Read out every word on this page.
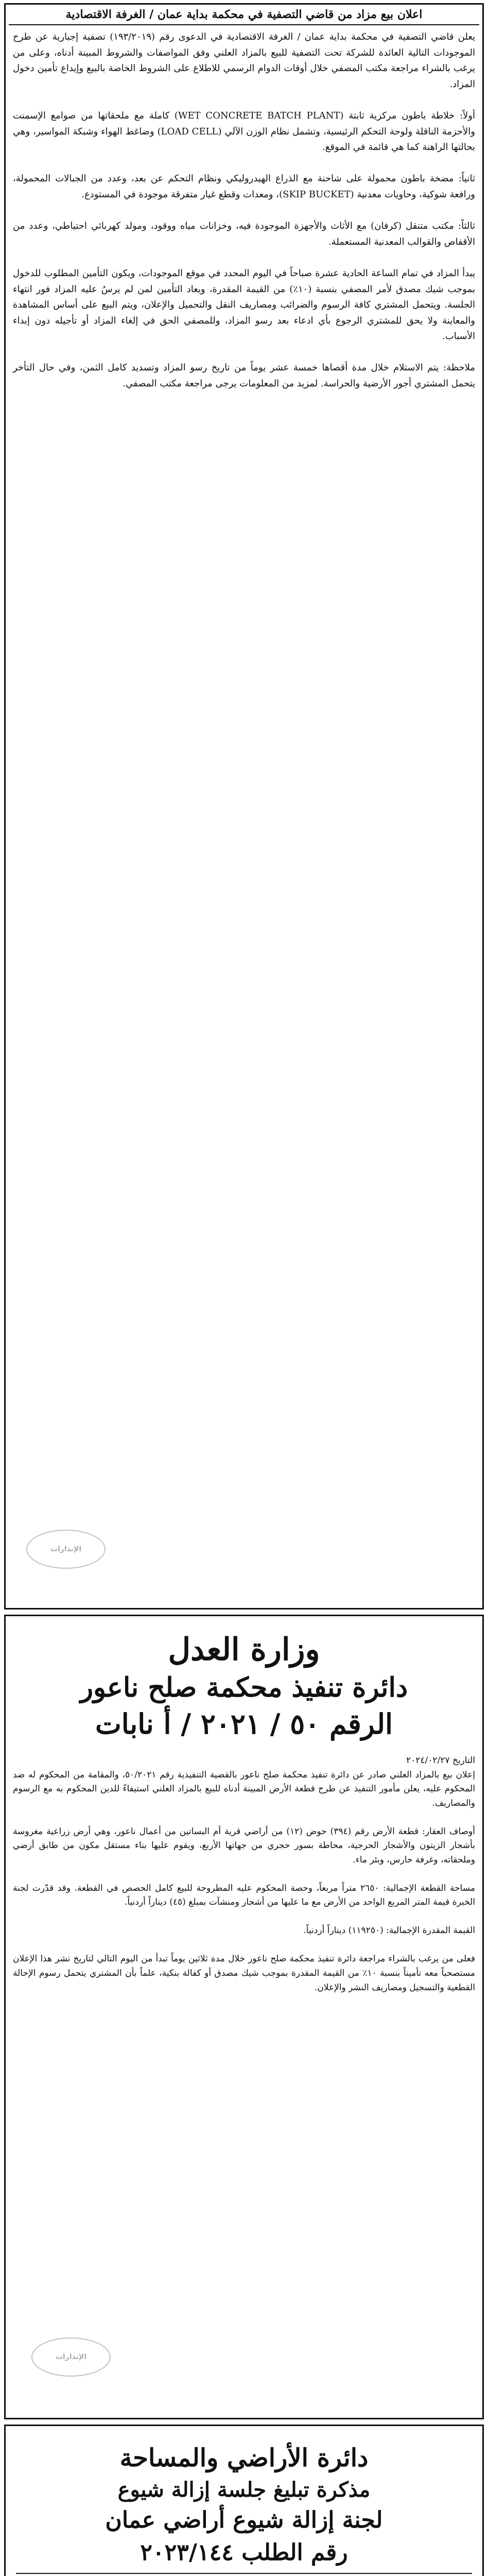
اعلان بيع مزاد من قاضي التصفية في محكمة بداية عمان / الغرفة الاقتصادية
يعلن قاضي التصفية في محكمة بداية عمان / الغرفة الاقتصادية في الدعوى رقم (١٩٣/٢٠١٩) تصفية إجبارية عن طرح الموجودات التالية العائدة للشركة تحت التصفية للبيع بالمزاد العلني وفق المواصفات والشروط المبينة أدناه، وعلى من يرغب بالشراء مراجعة مكتب المصفي خلال أوقات الدوام الرسمي للاطلاع على الشروط الخاصة بالبيع وإيداع تأمين دخول المزاد.

أولاً: خلاطة باطون مركزية ثابتة (WET CONCRETE BATCH PLANT) كاملة مع ملحقاتها من صوامع الإسمنت والأحزمة الناقلة ولوحة التحكم الرئيسية، وتشمل نظام الوزن الآلي (LOAD CELL) وضاغط الهواء وشبكة المواسير، وهي بحالتها الراهنة كما هي قائمة في الموقع.

ثانياً: مضخة باطون محمولة على شاحنة مع الذراع الهيدروليكي ونظام التحكم عن بعد، وعدد من الجبالات المحمولة، ورافعة شوكية، وحاويات معدنية (SKIP BUCKET)، ومعدات وقطع غيار متفرقة موجودة في المستودع.

ثالثاً: مكتب متنقل (كرفان) مع الأثاث والأجهزة الموجودة فيه، وخزانات مياه ووقود، ومولد كهربائي احتياطي، وعدد من الأقفاص والقوالب المعدنية المستعملة.

يبدأ المزاد في تمام الساعة الحادية عشرة صباحاً في اليوم المحدد في موقع الموجودات، ويكون التأمين المطلوب للدخول بموجب شيك مصدق لأمر المصفي بنسبة (١٠٪) من القيمة المقدرة، ويعاد التأمين لمن لم يرسُ عليه المزاد فور انتهاء الجلسة. ويتحمل المشتري كافة الرسوم والضرائب ومصاريف النقل والتحميل والإعلان، ويتم البيع على أساس المشاهدة والمعاينة ولا يحق للمشتري الرجوع بأي ادعاء بعد رسو المزاد، وللمصفي الحق في إلغاء المزاد أو تأجيله دون إبداء الأسباب.

ملاحظة: يتم الاستلام خلال مدة أقصاها خمسة عشر يوماً من تاريخ رسو المزاد وتسديد كامل الثمن، وفي حال التأخر يتحمل المشتري أجور الأرضية والحراسة. لمزيد من المعلومات يرجى مراجعة مكتب المصفي.
الإنذارات
وزارة العدل
دائرة تنفيذ محكمة صلح ناعور
الرقم ٥٠ / ٢٠٢١ / أ نابات
التاريخ ٢٠٢٤/٠٢/٢٧
إعلان بيع بالمزاد العلني صادر عن دائرة تنفيذ محكمة صلح ناعور بالقضية التنفيذية رقم ٥٠/٢٠٢١، والمقامة من المحكوم له ضد المحكوم عليه، يعلن مأمور التنفيذ عن طرح قطعة الأرض المبينة أدناه للبيع بالمزاد العلني استيفاءً للدين المحكوم به مع الرسوم والمصاريف.

أوصاف العقار: قطعة الأرض رقم (٣٩٤) حوض (١٢) من أراضي قرية أم البساتين من أعمال ناعور، وهي أرض زراعية مغروسة بأشجار الزيتون والأشجار الحرجية، محاطة بسور حجري من جهاتها الأربع، ويقوم عليها بناء مستقل مكون من طابق أرضي وملحقاته، وغرفة حارس، وبئر ماء.

مساحة القطعة الإجمالية: ٢٦٥٠ متراً مربعاً، وحصة المحكوم عليه المطروحة للبيع كامل الحصص في القطعة. وقد قدّرت لجنة الخبرة قيمة المتر المربع الواحد من الأرض مع ما عليها من أشجار ومنشآت بمبلغ (٤٥) ديناراً أردنياً.

القيمة المقدرة الإجمالية: (١١٩٢٥٠) ديناراً أردنياً.

فعلى من يرغب بالشراء مراجعة دائرة تنفيذ محكمة صلح ناعور خلال مدة ثلاثين يوماً تبدأ من اليوم التالي لتاريخ نشر هذا الإعلان مستصحباً معه تأميناً بنسبة ١٠٪ من القيمة المقدرة بموجب شيك مصدق أو كفالة بنكية، علماً بأن المشتري يتحمل رسوم الإحالة القطعية والتسجيل ومصاريف النشر والإعلان.
الإنذارات
دائرة الأراضي والمساحة
مذكرة تبليغ جلسة إزالة شيوع
لجنة إزالة شيوع أراضي عمان
رقم الطلب ٢٠٢٣/١٤٤
